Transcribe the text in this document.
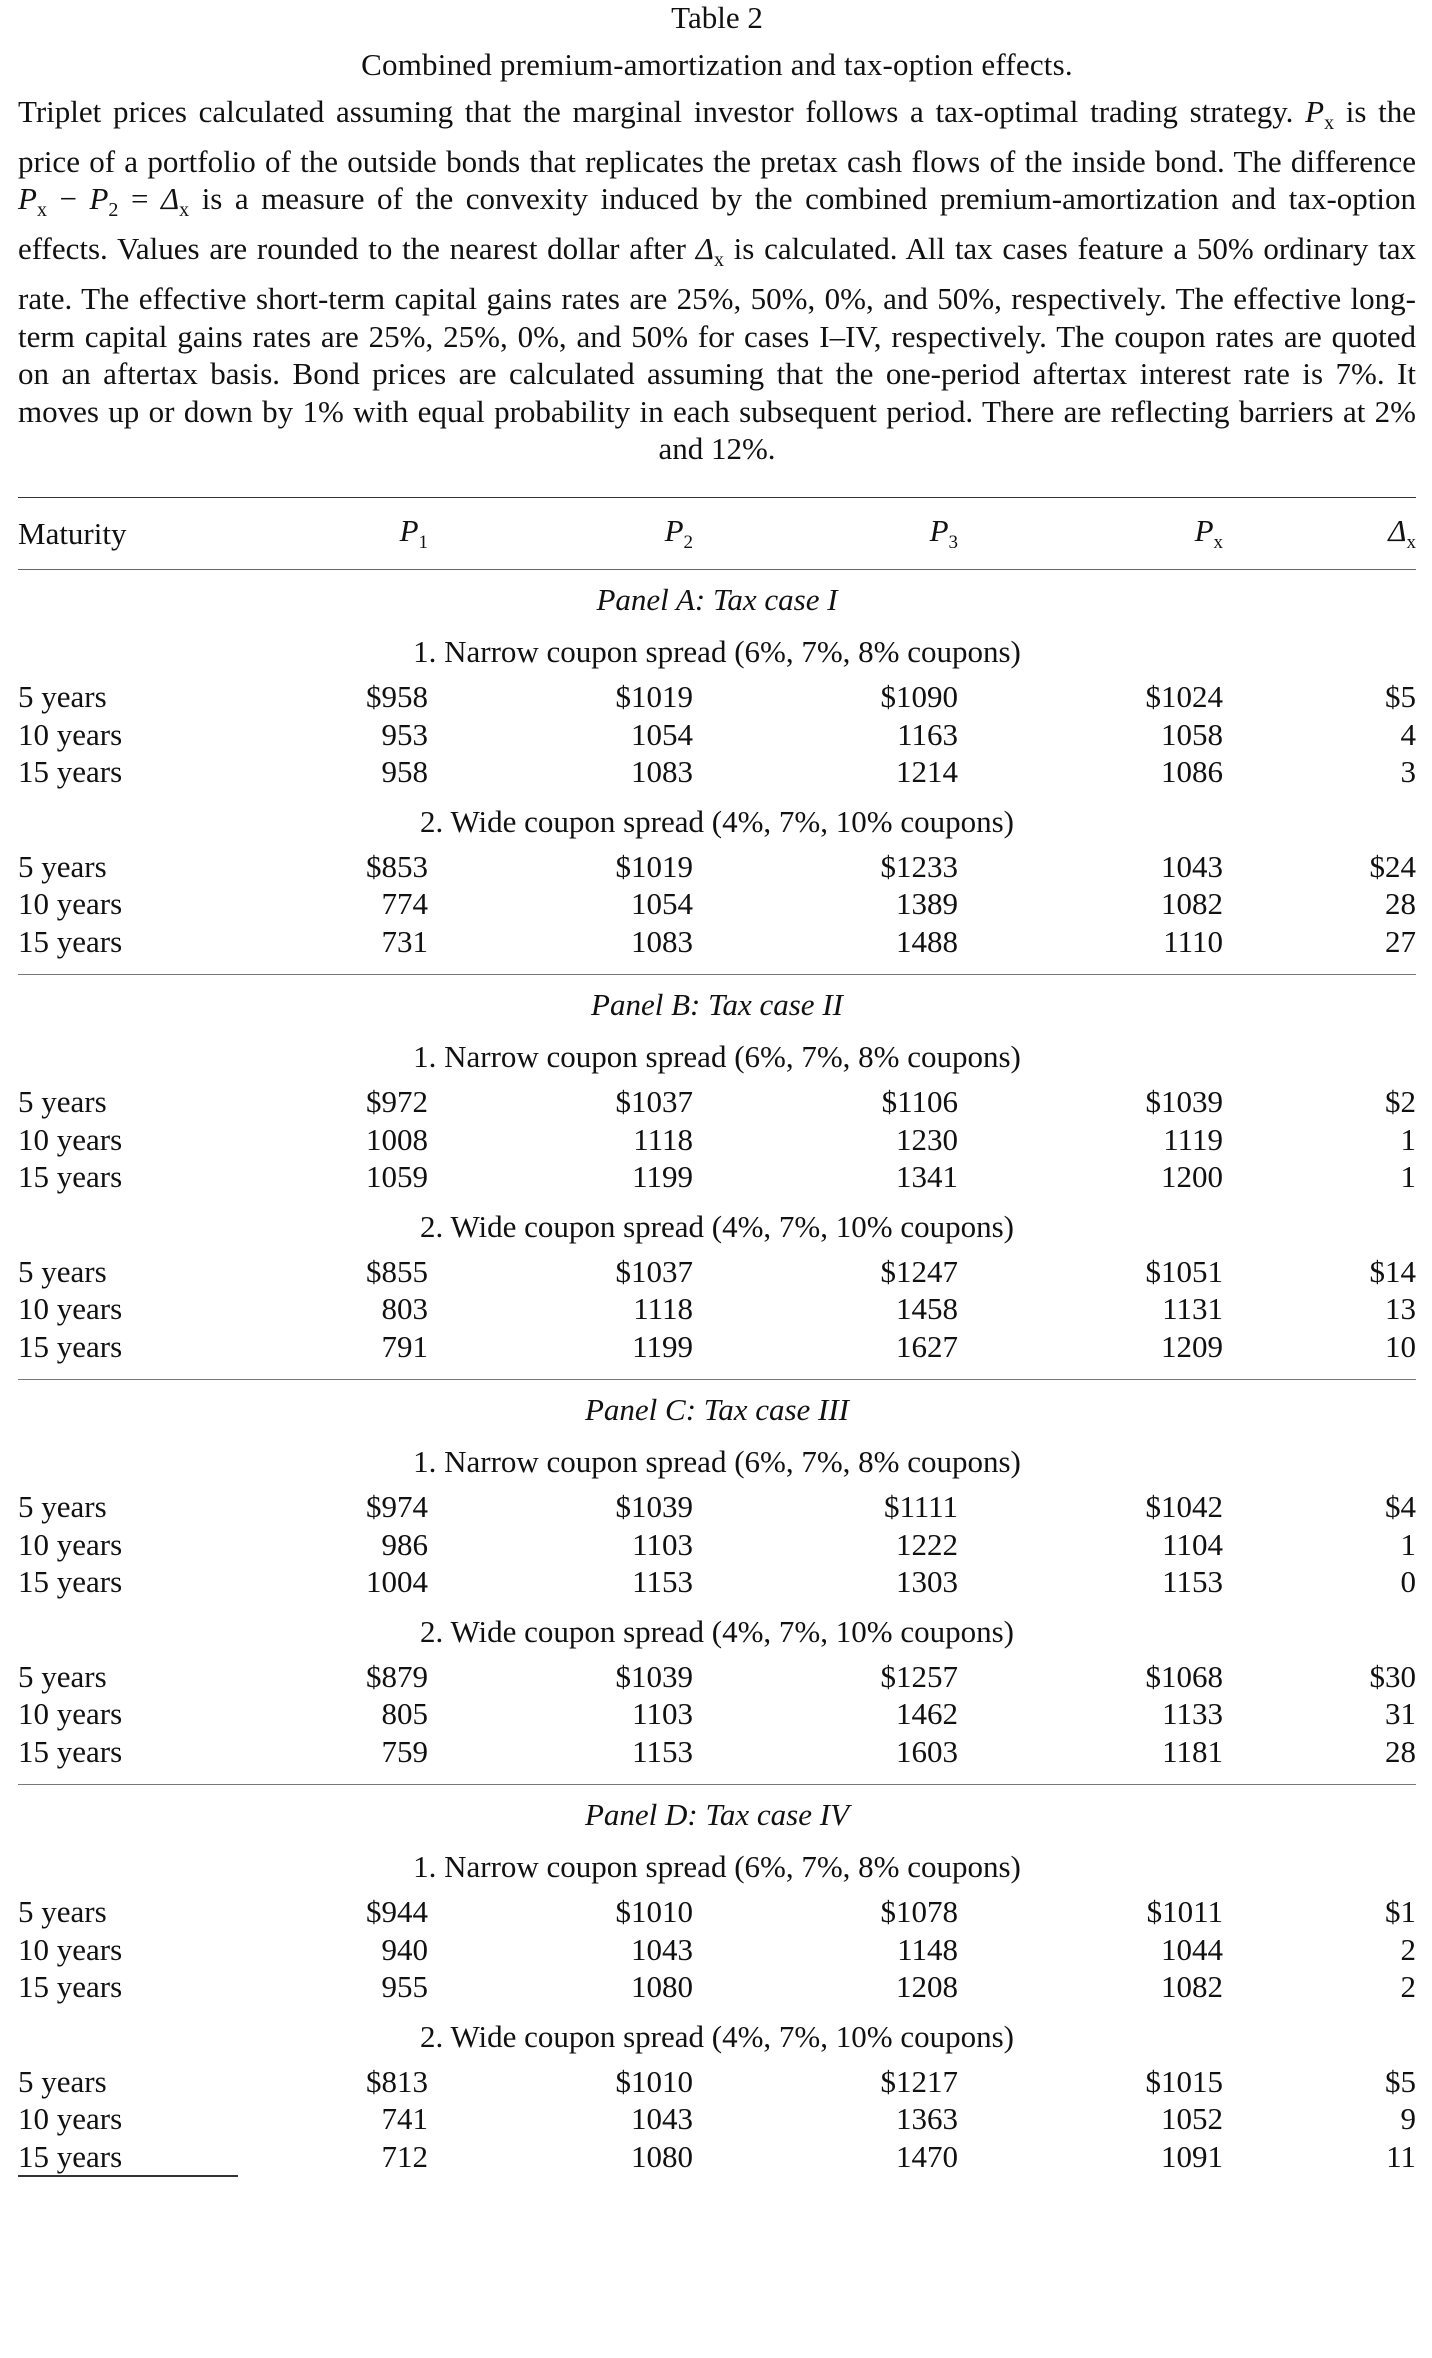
Table 2
Combined premium-amortization and tax-option effects.

Triplet prices calculated assuming that the marginal investor follows a tax-optimal trading strategy. $P_x$ is the price of a portfolio of the outside bonds that replicates the pretax cash flows of the inside bond. The difference $P_x - P_2 = \Delta_x$ is a measure of the convexity induced by the combined premium-amortization and tax-option effects. Values are rounded to the nearest dollar after $\Delta_x$ is calculated. All tax cases feature a 50% ordinary tax rate. The effective short-term capital gains rates are 25%, 50%, 0%, and 50%, respectively. The effective long-term capital gains rates are 25%, 25%, 0%, and 50% for cases I–IV, respectively. The coupon rates are quoted on an aftertax basis. Bond prices are calculated assuming that the one-period aftertax interest rate is 7%. It moves up or down by 1% with equal probability in each subsequent period. There are reflecting barriers at 2% and 12%.

Maturity	$P_1$	$P_2$	$P_3$	$P_x$	$\Delta_x$
Panel A: Tax case I
1. Narrow coupon spread (6%, 7%, 8% coupons)
5 years	$958	$1019	$1090	$1024	$5
10 years	953	1054	1163	1058	4
15 years	958	1083	1214	1086	3
2. Wide coupon spread (4%, 7%, 10% coupons)
5 years	$853	$1019	$1233	1043	$24
10 years	774	1054	1389	1082	28
15 years	731	1083	1488	1110	27
Panel B: Tax case II
1. Narrow coupon spread (6%, 7%, 8% coupons)
5 years	$972	$1037	$1106	$1039	$2
10 years	1008	1118	1230	1119	1
15 years	1059	1199	1341	1200	1
2. Wide coupon spread (4%, 7%, 10% coupons)
5 years	$855	$1037	$1247	$1051	$14
10 years	803	1118	1458	1131	13
15 years	791	1199	1627	1209	10
Panel C: Tax case III
1. Narrow coupon spread (6%, 7%, 8% coupons)
5 years	$974	$1039	$1111	$1042	$4
10 years	986	1103	1222	1104	1
15 years	1004	1153	1303	1153	0
2. Wide coupon spread (4%, 7%, 10% coupons)
5 years	$879	$1039	$1257	$1068	$30
10 years	805	1103	1462	1133	31
15 years	759	1153	1603	1181	28
Panel D: Tax case IV
1. Narrow coupon spread (6%, 7%, 8% coupons)
5 years	$944	$1010	$1078	$1011	$1
10 years	940	1043	1148	1044	2
15 years	955	1080	1208	1082	2
2. Wide coupon spread (4%, 7%, 10% coupons)
5 years	$813	$1010	$1217	$1015	$5
10 years	741	1043	1363	1052	9
15 years	712	1080	1470	1091	11
